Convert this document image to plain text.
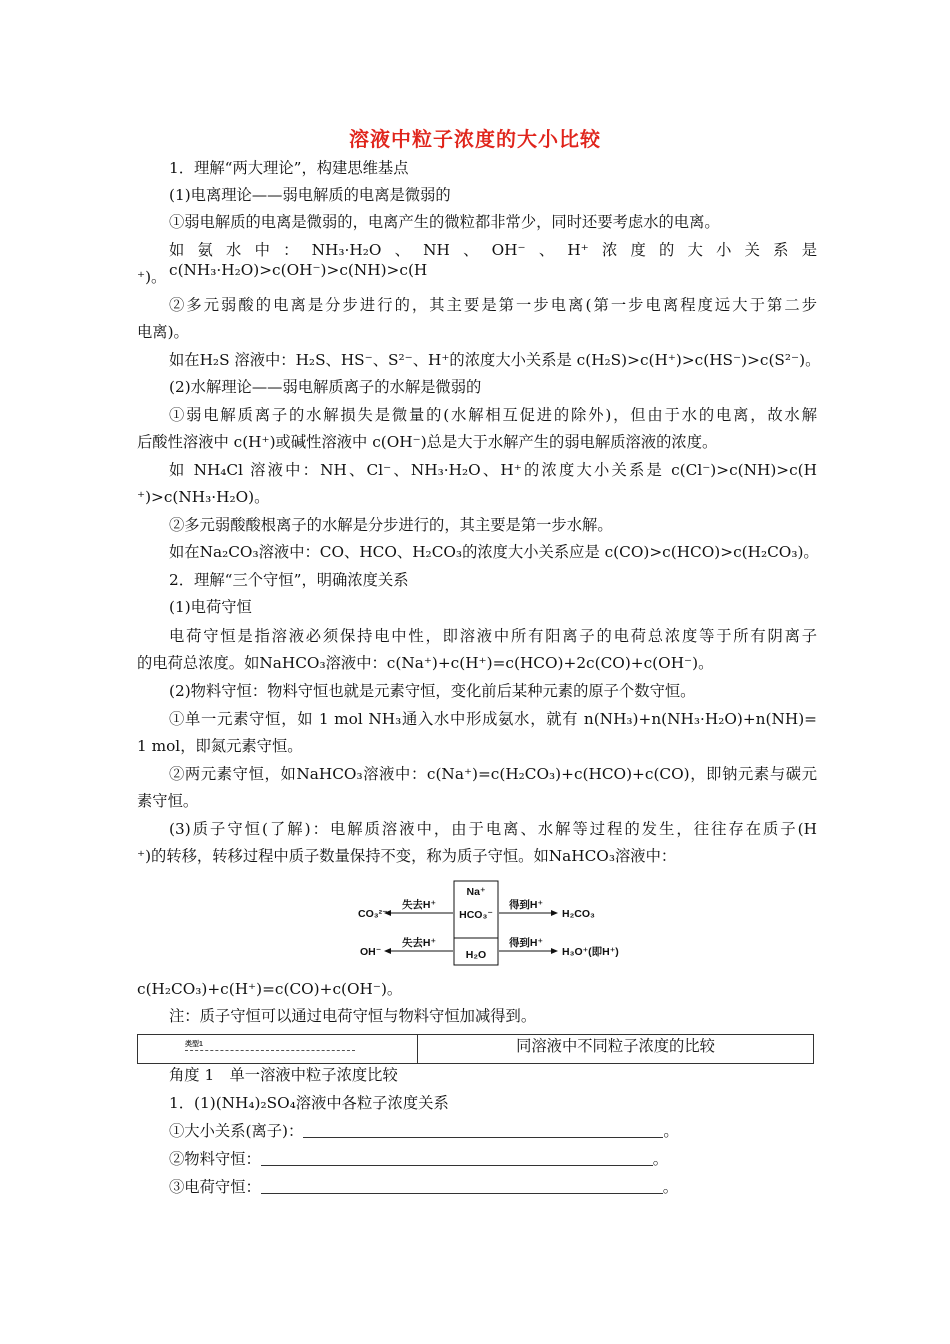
溶液中粒子浓度的大小比较
1．理解“两大理论”，构建思维基点
(1)电离理论——弱电解质的电离是微弱的
①弱电解质的电离是微弱的，电离产生的微粒都非常少，同时还要考虑水的电离。
如氨水中：NH₃·H₂O、NH、OH⁻、H⁺浓度的大小关系是 c(NH₃·H₂O)>c(OH⁻)>c(NH)>c(H
⁺)。
②多元弱酸的电离是分步进行的，其主要是第一步电离(第一步电离程度远大于第二步
电离)。
如在H₂S 溶液中：H₂S、HS⁻、S²⁻、H⁺的浓度大小关系是 c(H₂S)>c(H⁺)>c(HS⁻)>c(S²⁻)。
(2)水解理论——弱电解质离子的水解是微弱的
①弱电解质离子的水解损失是微量的(水解相互促进的除外)，但由于水的电离，故水解
后酸性溶液中 c(H⁺)或碱性溶液中 c(OH⁻)总是大于水解产生的弱电解质溶液的浓度。
如 NH₄Cl 溶液中：NH、Cl⁻、NH₃·H₂O、H⁺的浓度大小关系是 c(Cl⁻)>c(NH)>c(H
⁺)>c(NH₃·H₂O)。
②多元弱酸酸根离子的水解是分步进行的，其主要是第一步水解。
如在Na₂CO₃溶液中：CO、HCO、H₂CO₃的浓度大小关系应是 c(CO)>c(HCO)>c(H₂CO₃)。
2．理解“三个守恒”，明确浓度关系
(1)电荷守恒
电荷守恒是指溶液必须保持电中性，即溶液中所有阳离子的电荷总浓度等于所有阴离子
的电荷总浓度。如NaHCO₃溶液中：c(Na⁺)+c(H⁺)=c(HCO)+2c(CO)+c(OH⁻)。
(2)物料守恒：物料守恒也就是元素守恒，变化前后某种元素的原子个数守恒。
①单一元素守恒，如 1 mol NH₃通入水中形成氨水，就有 n(NH₃)+n(NH₃·H₂O)+n(NH)=
1 mol，即氮元素守恒。
②两元素守恒，如NaHCO₃溶液中：c(Na⁺)=c(H₂CO₃)+c(HCO)+c(CO)，即钠元素与碳元
素守恒。
(3)质子守恒(了解)：电解质溶液中，由于电离、水解等过程的发生，往往存在质子(H
⁺)的转移，转移过程中质子数量保持不变，称为质子守恒。如NaHCO₃溶液中：
Na⁺
HCO₃⁻
H₂O
CO₃²⁻
失去H⁺
OH⁻
失去H⁺
得到H⁺
H₂CO₃
得到H⁺
H₃O⁺(即H⁺)
c(H₂CO₃)+c(H⁺)=c(CO)+c(OH⁻)。
注：质子守恒可以通过电荷守恒与物料守恒加减得到。
类型1	同溶液中不同粒子浓度的比较
角度 1　单一溶液中粒子浓度比较
1．(1)(NH₄)₂SO₄溶液中各粒子浓度关系
①大小关系(离子)：	。
②物料守恒：	。
③电荷守恒：	。
